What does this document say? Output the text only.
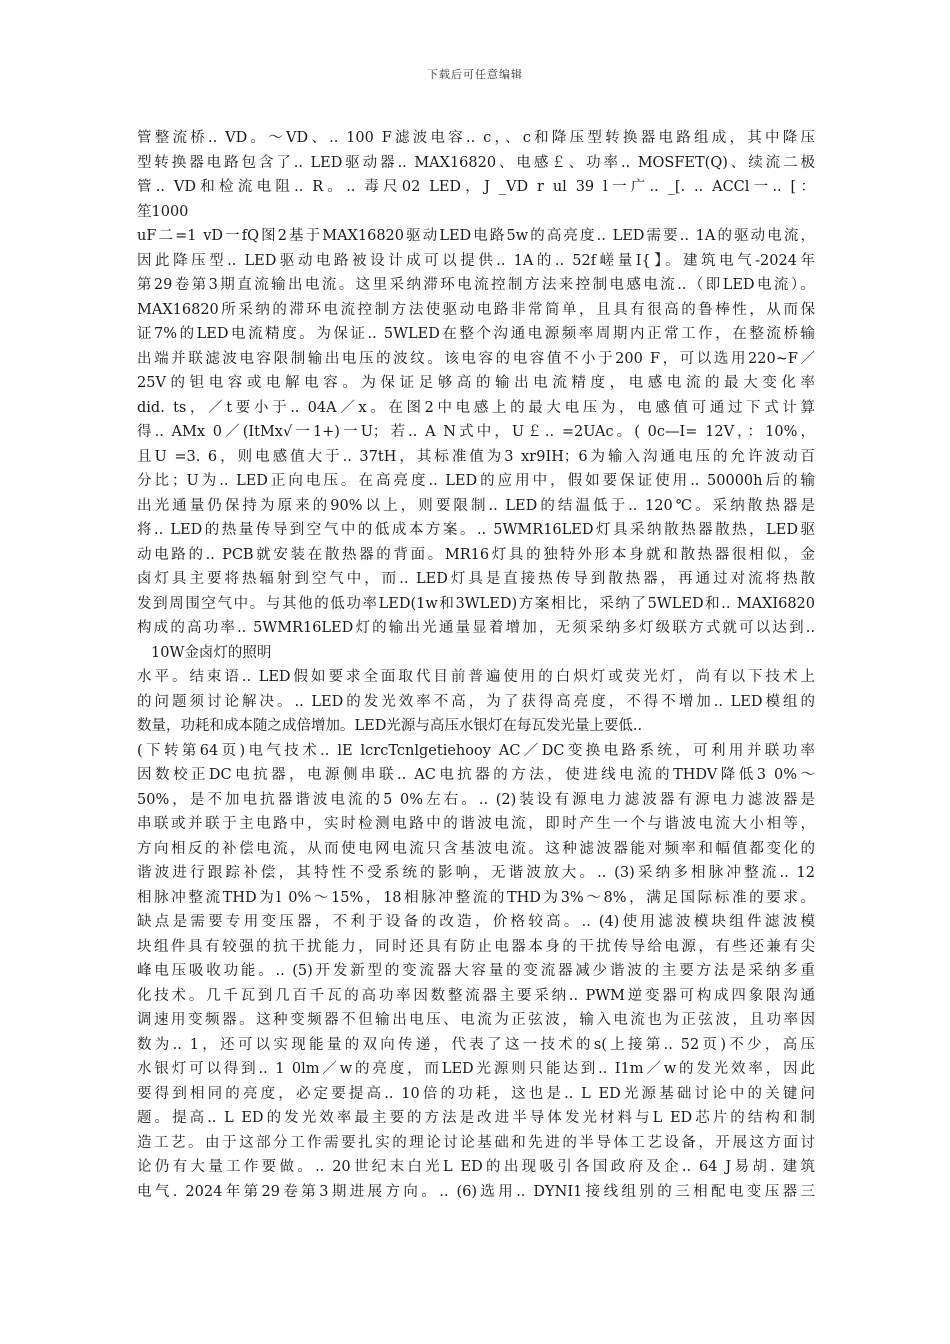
下载后可任意编辑
管整流桥.. VD。～VD、.. 100 F滤波电容.. c，、c和降压型转换器电路组成，其中降压
型转换器电路包含了.. LED驱动器.. MAX16820、电感￡、功率.. MOSFET(Q)、续流二极
管.. VD和检流电阻.. R。.. 毒尺02 LED，J _VD r ul 39 l一广.. _[. .. ACCl一.. [：
笙1000
uF二=1 vD一fQ图2基于MAX16820驱动LED电路5w的高亮度.. LED需要.. 1A的驱动电流，
因此降压型.. LED驱动电路被设计成可以提供.. 1A的.. 52f嵯量I{】。建筑电气-2024年
第29卷第3期直流输出电流。这里采纳滞环电流控制方法来控制电感电流..（即LED电流）。
MAX16820所采纳的滞环电流控制方法使驱动电路非常简单，且具有很高的鲁棒性，从而保
证7%的LED电流精度。为保证.. 5WLED在整个沟通电源频率周期内正常工作，在整流桥输
出端并联滤波电容限制输出电压的波纹。该电容的电容值不小于200 F，可以选用220~F／
25V的钽电容或电解电容。为保证足够高的输出电流精度，电感电流的最大变化率
did. ts，／t要小于.. 04A／x。在图2中电感上的最大电压为，电感值可通过下式计算
得.. AMx 0／(ItMx√一1+)一U；若.. A N式中，U￡.. =2UAc。( 0c—I= 12V，：10%，
且U =3. 6，则电感值大于.. 37tH，其标准值为3 xr9IH；6为输入沟通电压的允许波动百
分比；U为.. LED正向电压。在高亮度.. LED的应用中，假如要保证使用.. 50000h后的输
出光通量仍保持为原来的90%以上，则要限制.. LED的结温低于.. 120℃。采纳散热器是
将.. LED的热量传导到空气中的低成本方案。.. 5WMR16LED灯具采纳散热器散热，LED驱
动电路的.. PCB就安装在散热器的背面。MR16灯具的独特外形本身就和散热器很相似，金
卤灯具主要将热辐射到空气中，而.. LED灯具是直接热传导到散热器，再通过对流将热散
发到周围空气中。与其他的低功率LED(1w和3WLED)方案相比，采纳了5WLED和.. MAXI6820
构成的高功率.. 5WMR16LED灯的输出光通量显着增加，无须采纳多灯级联方式就可以达到..
10W金卤灯的照明
水平。结束语.. LED假如要求全面取代目前普遍使用的白炽灯或荧光灯，尚有以下技术上
的问题须讨论解决。.. LED的发光效率不高，为了获得高亮度，不得不增加.. LED模组的
数量，功耗和成本随之成倍增加。LED光源与高压水银灯在每瓦发光量上要低..
(下转第64页)电气技术.. lE lcrcTcnlgetiehooy AC／DC变换电路系统，可利用并联功率
因数校正DC电抗器，电源侧串联.. AC电抗器的方法，使进线电流的THDV降低3 0%～
50%，是不加电抗器谐波电流的5 0%左右。.. (2)装设有源电力滤波器有源电力滤波器是
串联或并联于主电路中，实时检测电路中的谐波电流，即时产生一个与谐波电流大小相等，
方向相反的补偿电流，从而使电网电流只含基波电流。这种滤波器能对频率和幅值都变化的
谐波进行跟踪补偿，其特性不受系统的影响，无谐波放大。.. (3)采纳多相脉冲整流.. 12
相脉冲整流THD为l 0%～15%，18相脉冲整流的THD为3%～8%，满足国际标准的要求。
缺点是需要专用变压器，不利于设备的改造，价格较高。.. (4)使用滤波模块组件滤波模
块组件具有较强的抗干扰能力，同时还具有防止电器本身的干扰传导给电源，有些还兼有尖
峰电压吸收功能。.. (5)开发新型的变流器大容量的变流器减少谐波的主要方法是采纳多重
化技术。几千瓦到几百千瓦的高功率因数整流器主要采纳.. PWM逆变器可构成四象限沟通
调速用变频器。这种变频器不但输出电压、电流为正弦波，输入电流也为正弦波，且功率因
数为.. 1，还可以实现能量的双向传递，代表了这一技术的s(上接第.. 52页)不少，高压
水银灯可以得到.. 1 0lm／w的亮度，而LED光源则只能达到.. I1m／w的发光效率，因此
要得到相同的亮度，必定要提高.. 10倍的功耗，这也是.. L ED光源基础讨论中的关键问
题。提高.. L ED的发光效率最主要的方法是改进半导体发光材料与L ED芯片的结构和制
造工艺。由于这部分工作需要扎实的理论讨论基础和先进的半导体工艺设备，开展这方面讨
论仍有大量工作要做。.. 20世纪末白光L ED的出现吸引各国政府及企.. 64 J易胡. 建筑
电气. 2024年第29卷第3期进展方向。.. (6)选用.. DYNI1接线组别的三相配电变压器三
